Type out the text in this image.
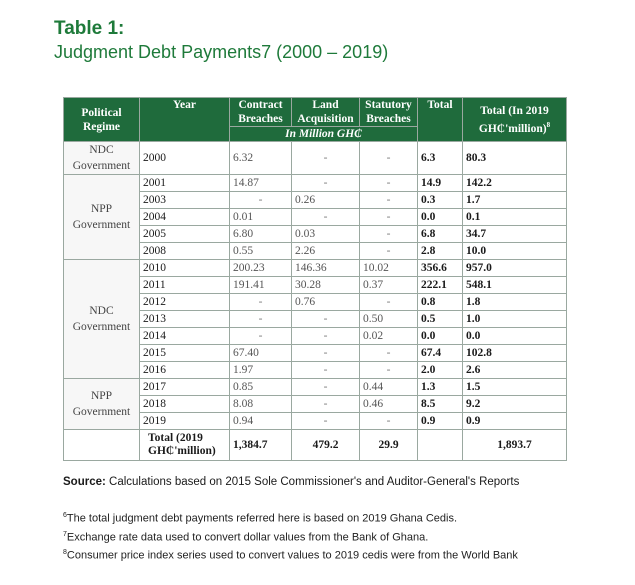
Table 1:
Judgment Debt Payments7 (2000 – 2019)
Political Regime	Year	Contract Breaches	Land Acquisition	Statutory Breaches	Total	Total (In 2019 GH₵'million)$^8$
		In Million GH₵				
NDC Government	2000	6.32	-	-	6.3	80.3
NPP Government	2001	14.87	-	-	14.9	142.2
	2003	-	0.26	-	0.3	1.7
	2004	0.01	-	-	0.0	0.1
	2005	6.80	0.03	-	6.8	34.7
	2008	0.55	2.26	-	2.8	10.0
NDC Government	2010	200.23	146.36	10.02	356.6	957.0
	2011	191.41	30.28	0.37	222.1	548.1
	2012	-	0.76	-	0.8	1.8
	2013	-	-	0.50	0.5	1.0
	2014	-	-	0.02	0.0	0.0
	2015	67.40	-	-	67.4	102.8
	2016	1.97	-	-	2.0	2.6
NPP Government	2017	0.85	-	0.44	1.3	1.5
	2018	8.08	-	0.46	8.5	9.2
	2019	0.94	-	-	0.9	0.9
	Total (2019 GH₵'million)	1,384.7	479.2	29.9		1,893.7
Source: Calculations based on 2015 Sole Commissioner's and Auditor-General's Reports
$^6$The total judgment debt payments referred here is based on 2019 Ghana Cedis.
$^7$Exchange rate data used to convert dollar values from the Bank of Ghana.
$^8$Consumer price index series used to convert values to 2019 cedis were from the World Bank
